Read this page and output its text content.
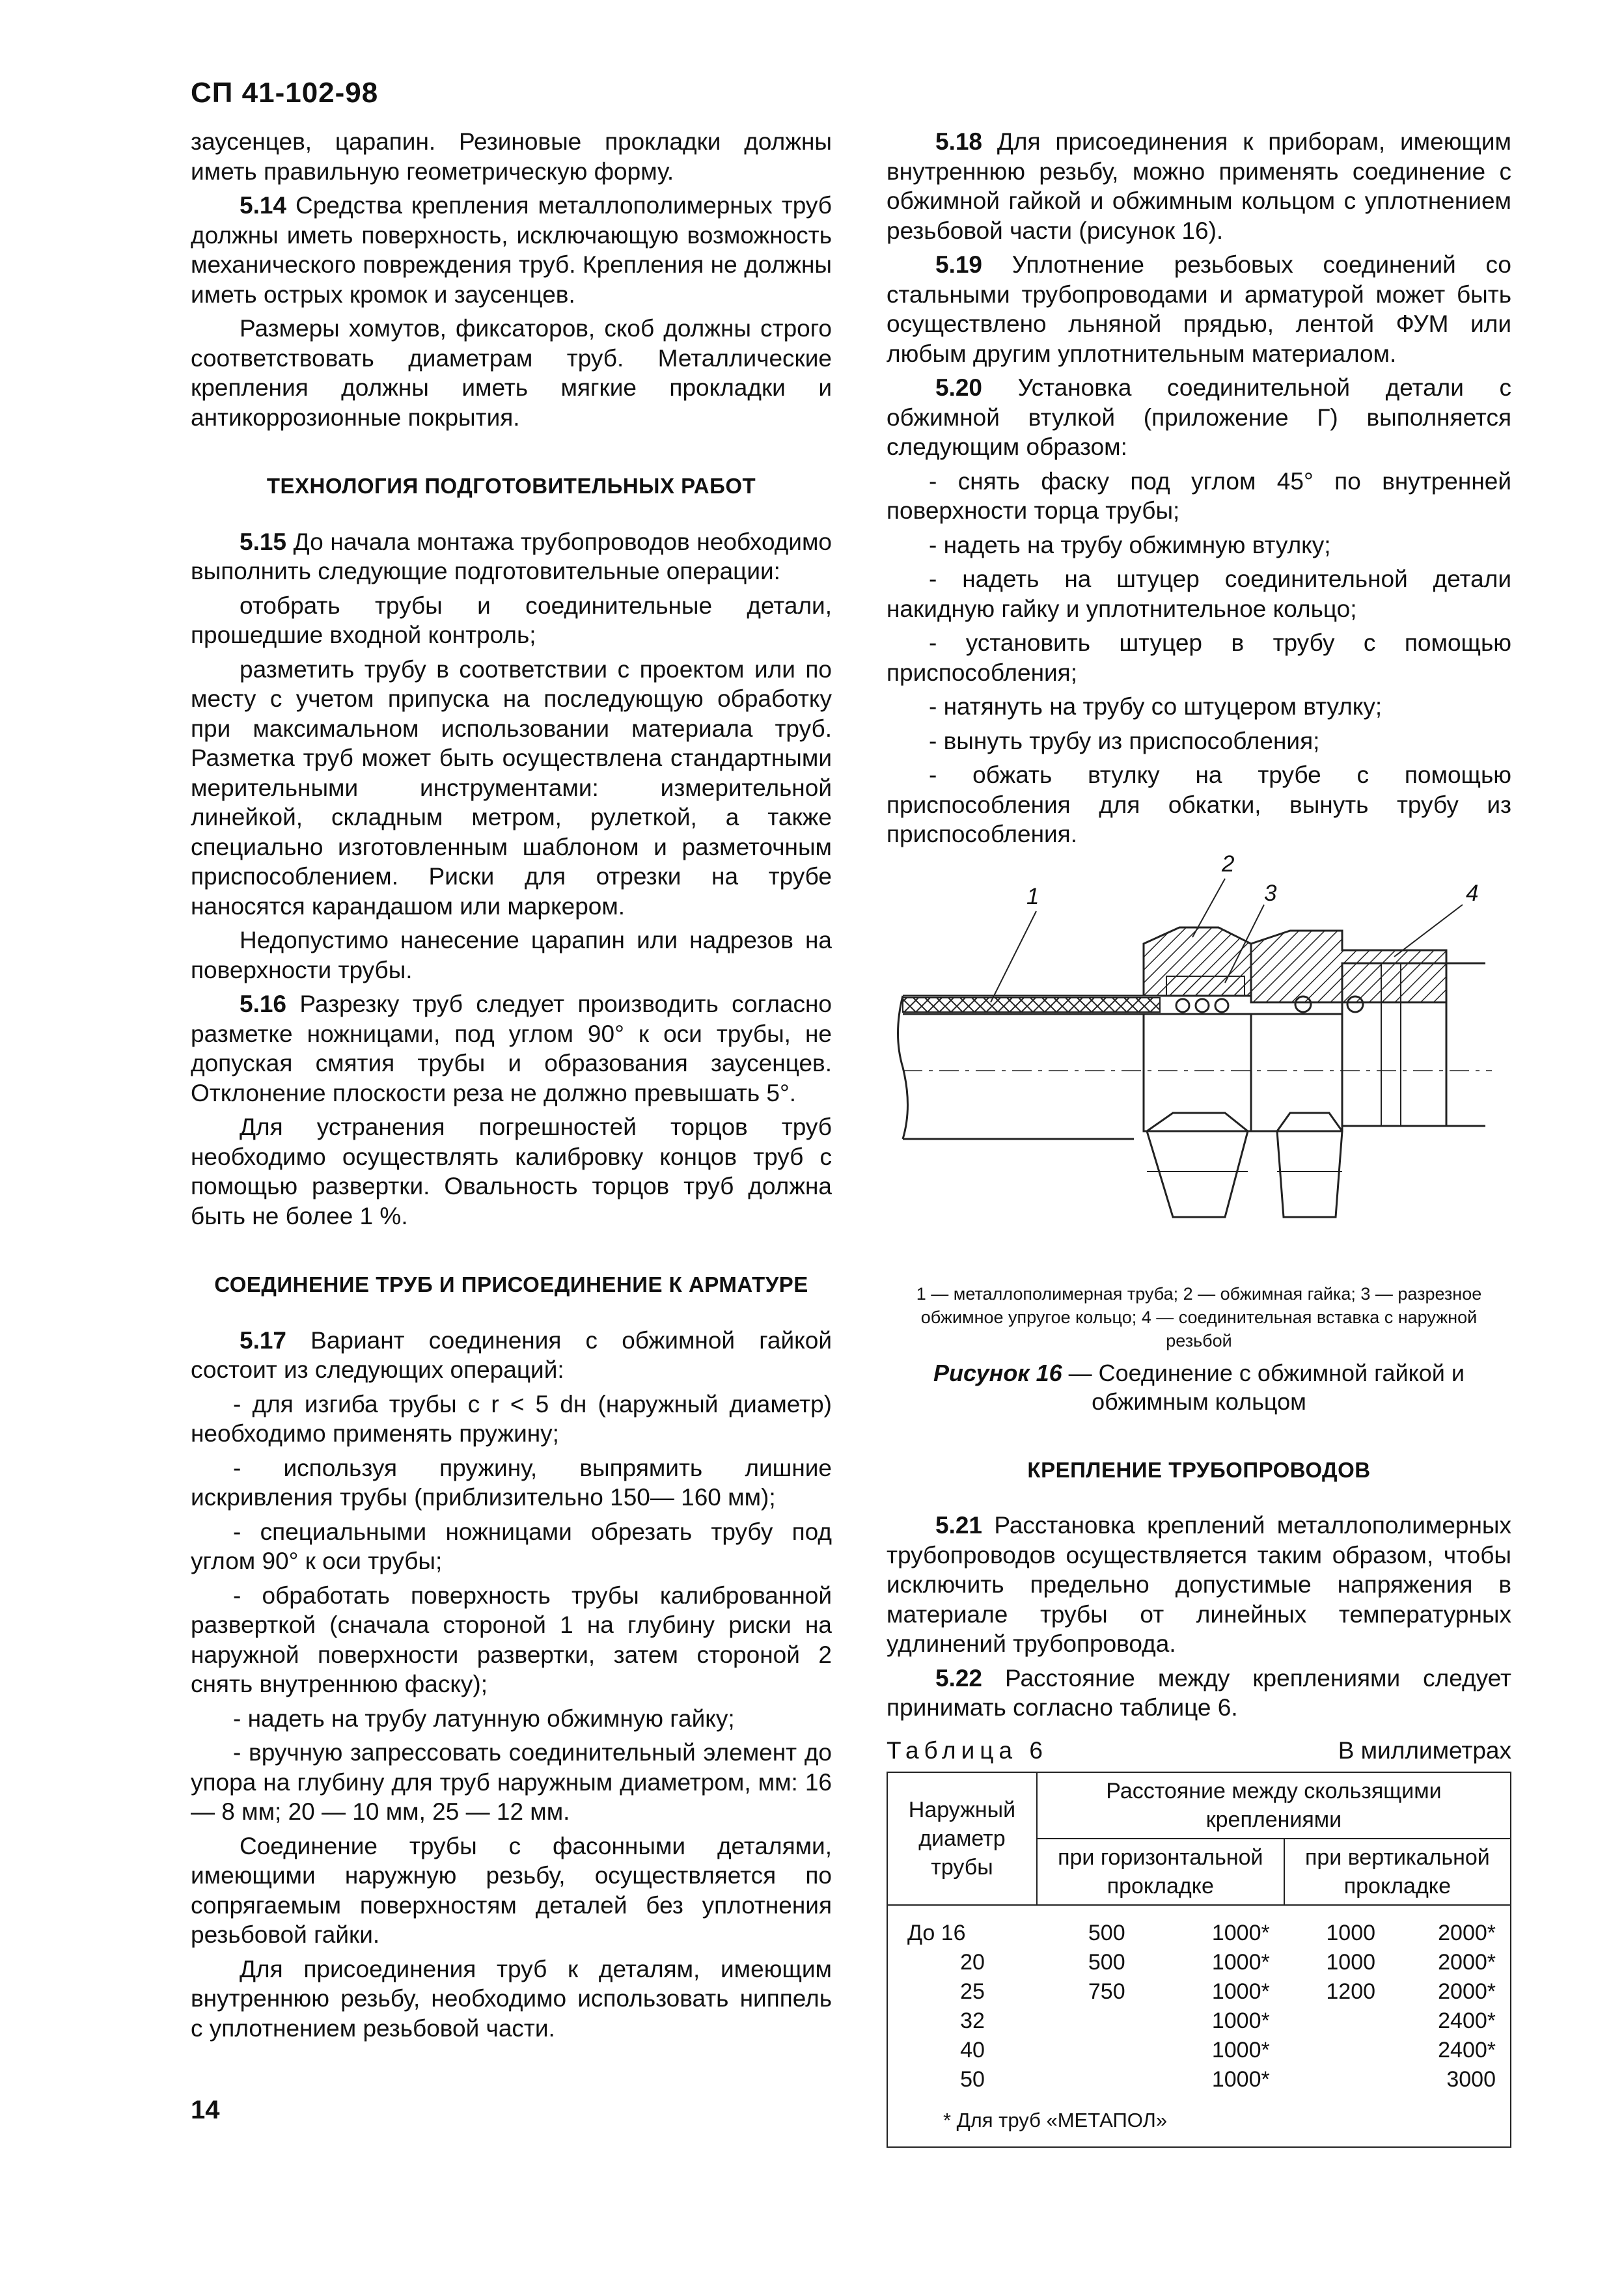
СП 41-102-98

заусенцев, царапин. Резиновые прокладки должны иметь правильную геометрическую форму.

5.14 Средства крепления металлополимерных труб должны иметь поверхность, исключающую возможность механического повреждения труб. Крепления не должны иметь острых кромок и заусенцев.

Размеры хомутов, фиксаторов, скоб должны строго соответствовать диаметрам труб. Металлические крепления должны иметь мягкие прокладки и антикоррозионные покрытия.

ТЕХНОЛОГИЯ ПОДГОТОВИТЕЛЬНЫХ РАБОТ

5.15 До начала монтажа трубопроводов необходимо выполнить следующие подготовительные операции:

отобрать трубы и соединительные детали, прошедшие входной контроль;

разметить трубу в соответствии с проектом или по месту с учетом припуска на последующую обработку при максимальном использовании материала труб. Разметка труб может быть осуществлена стандартными мерительными инструментами: измерительной линейкой, складным метром, рулеткой, а также специально изготовленным шаблоном и разметочным приспособлением. Риски для отрезки на трубе наносятся карандашом или маркером.

Недопустимо нанесение царапин или надрезов на поверхности трубы.

5.16 Разрезку труб следует производить согласно разметке ножницами, под углом 90° к оси трубы, не допуская смятия трубы и образования заусенцев. Отклонение плоскости реза не должно превышать 5°.

Для устранения погрешностей торцов труб необходимо осуществлять калибровку концов труб с помощью развертки. Овальность торцов труб должна быть не более 1 %.

СОЕДИНЕНИЕ ТРУБ И ПРИСОЕДИНЕНИЕ К АРМАТУРЕ

5.17 Вариант соединения с обжимной гайкой состоит из следующих операций:

- для изгиба трубы с r < 5 dн (наружный диаметр) необходимо применять пружину;

- используя пружину, выпрямить лишние искривления трубы (приблизительно 150— 160 мм);

- специальными ножницами обрезать трубу под углом 90° к оси трубы;

- обработать поверхность трубы калиброванной разверткой (сначала стороной 1 на глубину риски на наружной поверхности развертки, затем стороной 2 снять внутреннюю фаску);

- надеть на трубу латунную обжимную гайку;

- вручную запрессовать соединительный элемент до упора на глубину для труб наружным диаметром, мм: 16 — 8 мм; 20 — 10 мм, 25 — 12 мм.

Соединение трубы с фасонными деталями, имеющими наружную резьбу, осуществляется по сопрягаемым поверхностям деталей без уплотнения резьбовой гайки.

Для присоединения труб к деталям, имеющим внутреннюю резьбу, необходимо использовать ниппель с уплотнением резьбовой части.

5.18 Для присоединения к приборам, имеющим внутреннюю резьбу, можно применять соединение с обжимной гайкой и обжимным кольцом с уплотнением резьбовой части (рисунок 16).

5.19 Уплотнение резьбовых соединений со стальными трубопроводами и арматурой может быть осуществлено льняной прядью, лентой ФУМ или любым другим уплотнительным материалом.

5.20 Установка соединительной детали с обжимной втулкой (приложение Г) выполняется следующим образом:

- снять фаску под углом 45° по внутренней поверхности торца трубы;

- надеть на трубу обжимную втулку;

- надеть на штуцер соединительной детали накидную гайку и уплотнительное кольцо;

- установить штуцер в трубу с помощью приспособления;

- натянуть на трубу со штуцером втулку;

- вынуть трубу из приспособления;

- обжать втулку на трубе с помощью приспособления для обкатки, вынуть трубу из приспособления.

1
2
3	4
1 — металлополимерная труба; 2 — обжимная гайка; 3 — разрезное обжимное упругое кольцо; 4 — соединительная вставка с наружной резьбой
Рисунок 16 — Соединение с обжимной гайкой и обжимным кольцом
КРЕПЛЕНИЕ ТРУБОПРОВОДОВ

5.21 Расстановка креплений металлополимерных трубопроводов осуществляется таким образом, чтобы исключить предельно допустимые напряжения в материале трубы от линейных температурных удлинений трубопровода.

5.22 Расстояние между креплениями следует принимать согласно таблице 6.

Таблица 6	В миллиметрах
Наружный диаметр трубы	Расстояние между скользящими креплениями			
	при горизонтальной прокладке		при вертикальной прокладке	
До 16	500	1000*	1000	2000*
20	500	1000*	1000	2000*
25	750	1000*	1200	2000*
32		1000*		2400*
40		1000*		2400*
50		1000*		3000
* Для труб «МЕТАПОЛ»				
14
